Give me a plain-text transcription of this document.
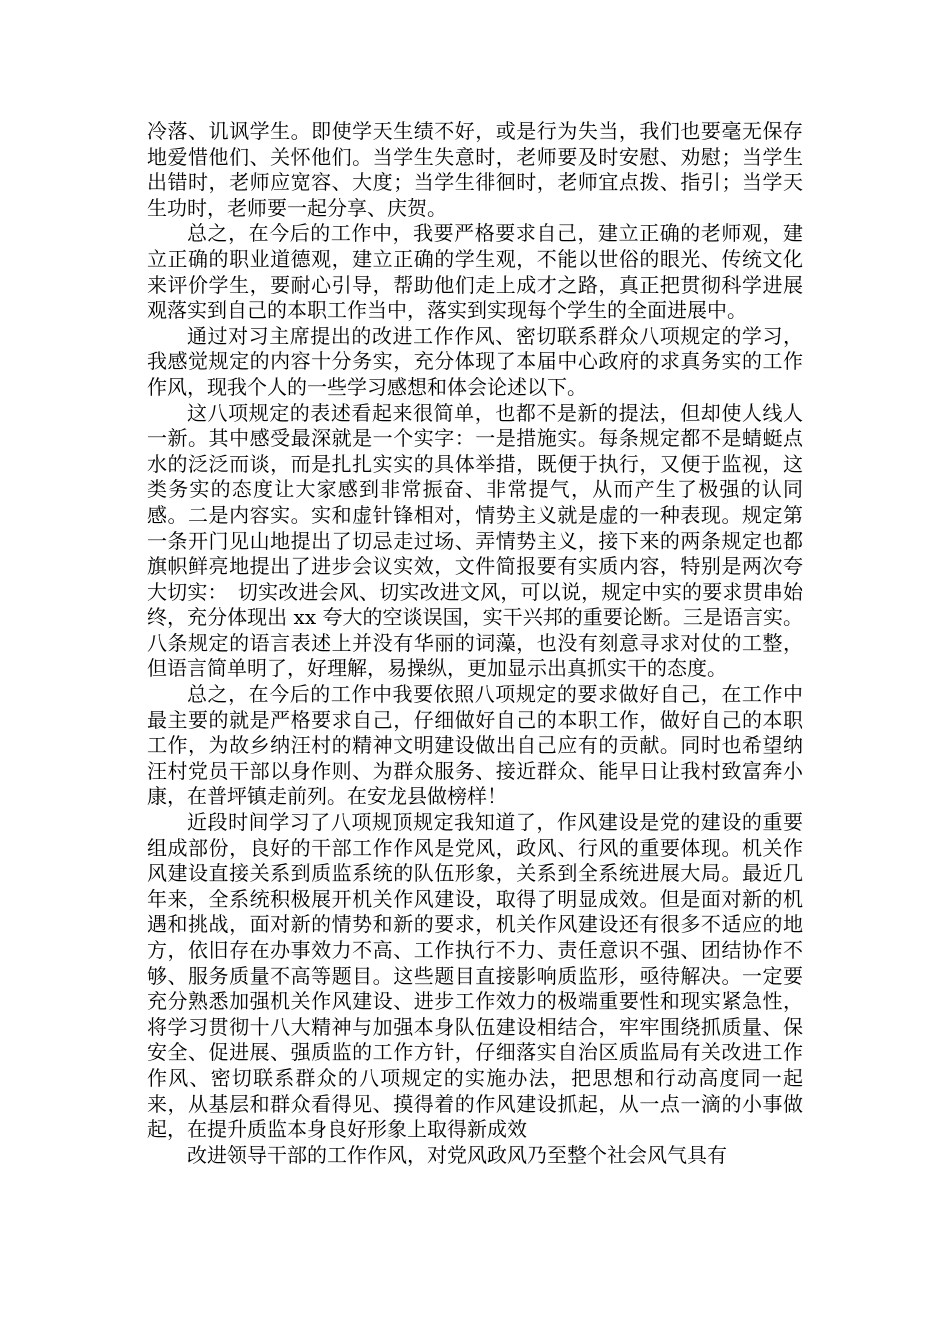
冷落、讥讽学生。即使学天生绩不好，或是行为失当，我们也要毫无保存地爱惜他们、关怀他们。当学生失意时，老师要及时安慰、劝慰；当学生出错时，老师应宽容、大度；当学生徘徊时，老师宜点拨、指引；当学天生功时，老师要一起分享、庆贺。

总之，在今后的工作中，我要严格要求自己，建立正确的老师观，建立正确的职业道德观，建立正确的学生观，不能以世俗的眼光、传统文化来评价学生，要耐心引导，帮助他们走上成才之路，真正把贯彻科学进展观落实到自己的本职工作当中，落实到实现每个学生的全面进展中。

通过对习主席提出的改进工作作风、密切联系群众八项规定的学习，我感觉规定的内容十分务实，充分体现了本届中心政府的求真务实的工作作风，现我个人的一些学习感想和体会论述以下。

这八项规定的表述看起来很简单，也都不是新的提法，但却使人线人一新。其中感受最深就是一个实字：一是措施实。每条规定都不是蜻蜓点水的泛泛而谈，而是扎扎实实的具体举措，既便于执行，又便于监视，这类务实的态度让大家感到非常振奋、非常提气，从而产生了极强的认同感。二是内容实。实和虚针锋相对，情势主义就是虚的一种表现。规定第一条开门见山地提出了切忌走过场、弄情势主义，接下来的两条规定也都旗帜鲜亮地提出了进步会议实效，文件简报要有实质内容，特别是两次夸大切实：　切实改进会风、切实改进文风，可以说，规定中实的要求贯串始终，充分体现出 xx 夸大的空谈误国，实干兴邦的重要论断。三是语言实。八条规定的语言表述上并没有华丽的词藻，也没有刻意寻求对仗的工整，但语言简单明了，好理解，易操纵，更加显示出真抓实干的态度。

总之，在今后的工作中我要依照八项规定的要求做好自己，在工作中最主要的就是严格要求自己，仔细做好自己的本职工作，做好自己的本职工作，为故乡纳汪村的精神文明建设做出自己应有的贡献。同时也希望纳汪村党员干部以身作则、为群众服务、接近群众、能早日让我村致富奔小康，在普坪镇走前列。在安龙县做榜样！

近段时间学习了八项规顶规定我知道了，作风建设是党的建设的重要组成部份，良好的干部工作作风是党风，政风、行风的重要体现。机关作风建设直接关系到质监系统的队伍形象，关系到全系统进展大局。最近几年来，全系统积极展开机关作风建设，取得了明显成效。但是面对新的机遇和挑战，面对新的情势和新的要求，机关作风建设还有很多不适应的地方，依旧存在办事效力不高、工作执行不力、责任意识不强、团结协作不够、服务质量不高等题目。这些题目直接影响质监形，亟待解决。一定要充分熟悉加强机关作风建设、进步工作效力的极端重要性和现实紧急性，将学习贯彻十八大精神与加强本身队伍建设相结合，牢牢围绕抓质量、保安全、促进展、强质监的工作方针，仔细落实自治区质监局有关改进工作作风、密切联系群众的八项规定的实施办法，把思想和行动高度同一起来，从基层和群众看得见、摸得着的作风建设抓起，从一点一滴的小事做起，在提升质监本身良好形象上取得新成效

改进领导干部的工作作风，对党风政风乃至整个社会风气具有
